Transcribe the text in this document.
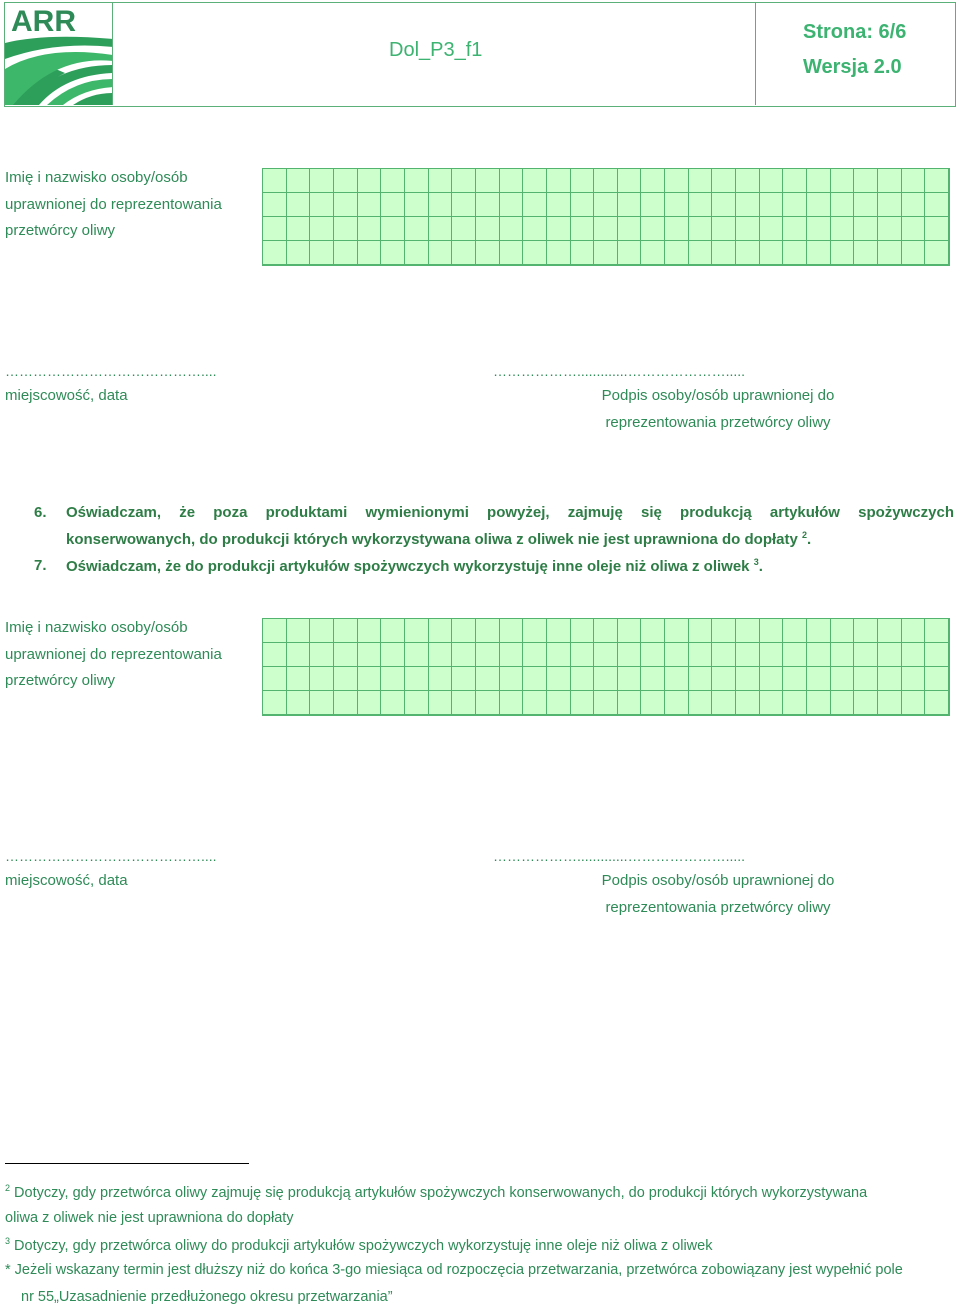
ARR
Dol_P3_f1
Strona: 6/6
Wersja 2.0
Imię i nazwisko osoby/osób
uprawnionej do reprezentowania
przetwórcy oliwy
……………………………………....	……………….............………………….....
miejscowość, data	Podpis osoby/osób uprawnionej do
reprezentowania przetwórcy oliwy
6. Oświadczam, że poza produktami wymienionymi powyżej, zajmuję się produkcją artykułów spożywczych
konserwowanych, do produkcji których wykorzystywana oliwa z oliwek nie jest uprawniona do dopłaty $^2$.
7. Oświadczam, że do produkcji artykułów spożywczych wykorzystuję inne oleje niż oliwa z oliwek $^3$.
Imię i nazwisko osoby/osób
uprawnionej do reprezentowania
przetwórcy oliwy
……………………………………....	……………….............………………….....
miejscowość, data	Podpis osoby/osób uprawnionej do
reprezentowania przetwórcy oliwy
$^2$ Dotyczy, gdy przetwórca oliwy zajmuję się produkcją artykułów spożywczych konserwowanych, do produkcji których wykorzystywana
oliwa z oliwek nie jest uprawniona do dopłaty
$^3$ Dotyczy, gdy przetwórca oliwy do produkcji artykułów spożywczych wykorzystuję inne oleje niż oliwa z oliwek
* Jeżeli wskazany termin jest dłuższy niż do końca 3-go miesiąca od rozpoczęcia przetwarzania, przetwórca zobowiązany jest wypełnić pole
nr 55„Uzasadnienie przedłużonego okresu przetwarzania”
